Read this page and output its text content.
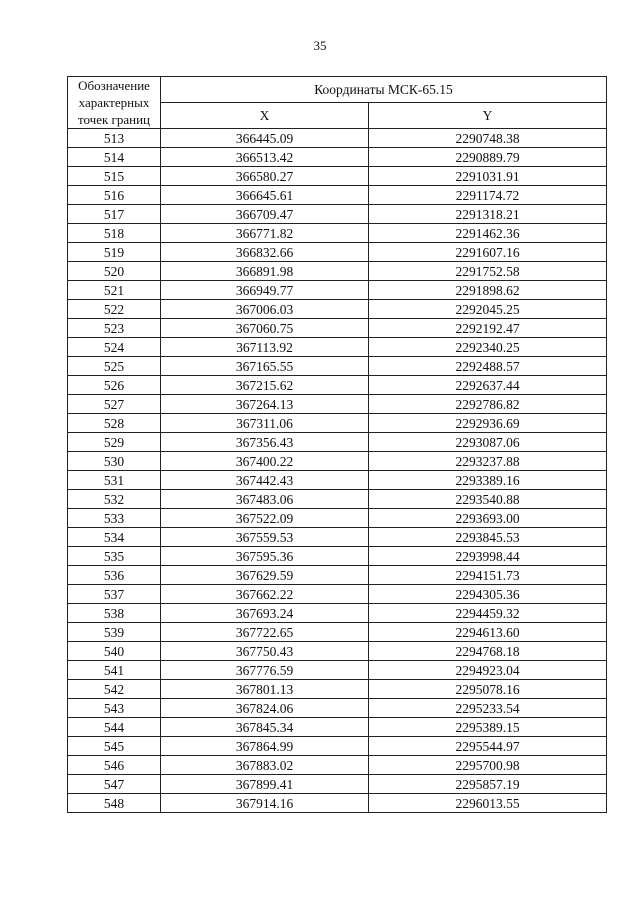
35
Обозначение характерных точек границ	Координаты МСК-65.15	
	X	Y
513	366445.09	2290748.38
514	366513.42	2290889.79
515	366580.27	2291031.91
516	366645.61	2291174.72
517	366709.47	2291318.21
518	366771.82	2291462.36
519	366832.66	2291607.16
520	366891.98	2291752.58
521	366949.77	2291898.62
522	367006.03	2292045.25
523	367060.75	2292192.47
524	367113.92	2292340.25
525	367165.55	2292488.57
526	367215.62	2292637.44
527	367264.13	2292786.82
528	367311.06	2292936.69
529	367356.43	2293087.06
530	367400.22	2293237.88
531	367442.43	2293389.16
532	367483.06	2293540.88
533	367522.09	2293693.00
534	367559.53	2293845.53
535	367595.36	2293998.44
536	367629.59	2294151.73
537	367662.22	2294305.36
538	367693.24	2294459.32
539	367722.65	2294613.60
540	367750.43	2294768.18
541	367776.59	2294923.04
542	367801.13	2295078.16
543	367824.06	2295233.54
544	367845.34	2295389.15
545	367864.99	2295544.97
546	367883.02	2295700.98
547	367899.41	2295857.19
548	367914.16	2296013.55
